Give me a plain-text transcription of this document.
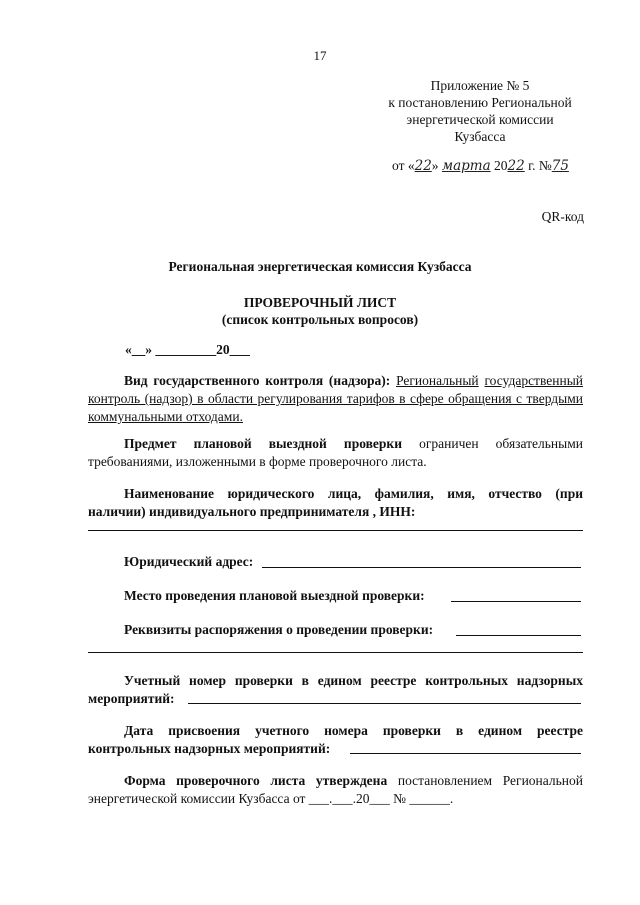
17
Приложение № 5
к постановлению Региональной
энергетической комиссии
Кузбасса
от «22» марта 2022 г. №75
QR-код
Региональная энергетическая комиссия Кузбасса
ПРОВЕРОЧНЫЙ ЛИСТ
(список контрольных вопросов)
«__» _________20___
Вид государственного контроля (надзора): Региональный государственный контроль (надзор) в области регулирования тарифов в сфере обращения с твердыми коммунальными отходами.
Предмет плановой выездной проверки ограничен обязательными требованиями, изложенными в форме проверочного листа.
Наименование юридического лица, фамилия, имя, отчество (при наличии) индивидуального предпринимателя , ИНН:
Юридический адрес:
Место проведения плановой выездной проверки:
Реквизиты распоряжения о проведении проверки:
Учетный номер проверки в едином реестре контрольных надзорных мероприятий:
Дата присвоения учетного номера проверки в едином реестре контрольных надзорных мероприятий:
Форма проверочного листа утверждена постановлением Региональной энергетической комиссии Кузбасса от ___.___.20___ № ______.
